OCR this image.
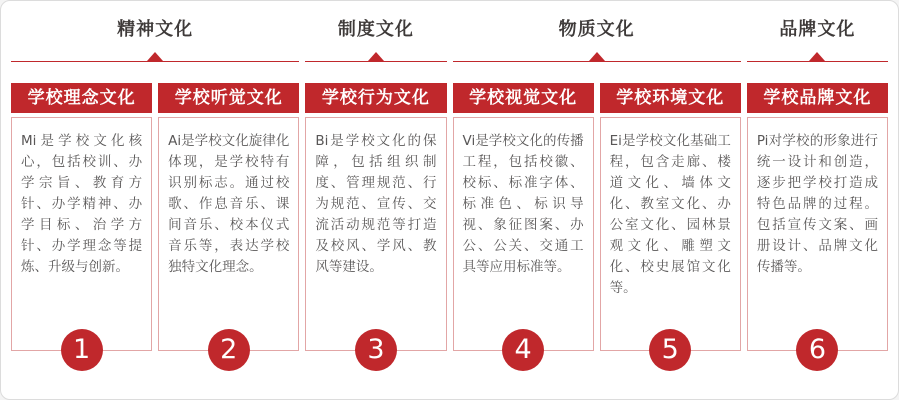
精神文化	制度文化	物质文化	品牌文化
学校理念文化
Mi是学校文化核心，包括校训、办学宗旨、教育方针、办学精神、办学目标、治学方针、办学理念等提炼、升级与创新。
1
学校听觉文化
Ai是学校文化旋律化体现，是学校特有识别标志。通过校歌、作息音乐、课间音乐、校本仪式音乐等，表达学校独特文化理念。
2
学校行为文化
Bi是学校文化的保障，包括组织制度、管理规范、行为规范、宣传、交流活动规范等打造及校风、学风、教风等建设。
3
学校视觉文化
Vi是学校文化的传播工程，包括校徽、校标、标准字体、标准色、标识导视、象征图案、办公、公关、交通工具等应用标准等。
4
学校环境文化
Ei是学校文化基础工程，包含走廊、楼道文化、墙体文化、教室文化、办公室文化、园林景观文化、雕塑文化、校史展馆文化等。
5
学校品牌文化
Pi对学校的形象进行统一设计和创造，逐步把学校打造成特色品牌的过程。包括宣传文案、画册设计、品牌文化传播等。
6
